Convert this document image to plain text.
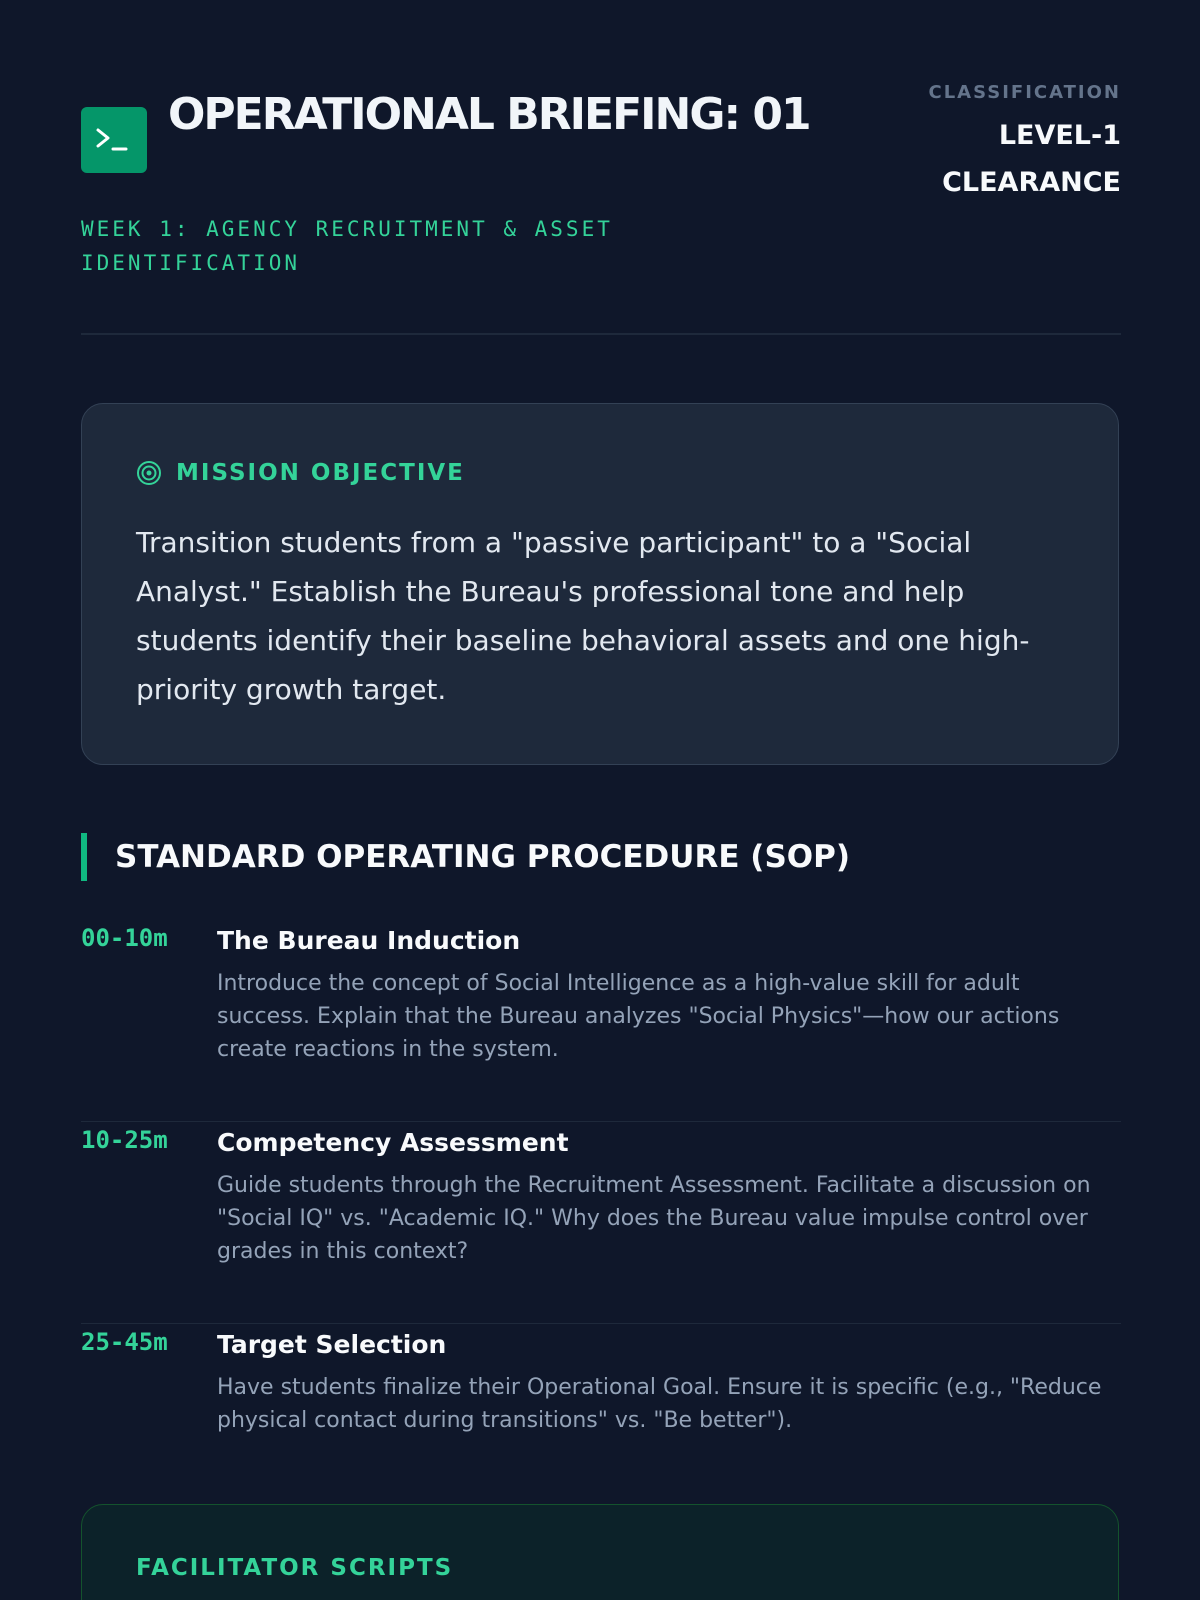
OPERATIONAL BRIEFING: 01
WEEK 1: AGENCY RECRUITMENT & ASSET IDENTIFICATION
CLASSIFICATION
LEVEL-1 CLEARANCE
MISSION OBJECTIVE

Transition students from a "passive participant" to a "Social Analyst." Establish the Bureau's professional tone and help students identify their baseline behavioral assets and one high-priority growth target.

STANDARD OPERATING PROCEDURE (SOP)
00-10m The Bureau Induction
Introduce the concept of Social Intelligence as a high-value skill for adult success. Explain that the Bureau analyzes "Social Physics"—how our actions create reactions in the system.
10-25m Competency Assessment
Guide students through the Recruitment Assessment. Facilitate a discussion on "Social IQ" vs. "Academic IQ." Why does the Bureau value impulse control over grades in this context?
25-45m Target Selection
Have students finalize their Operational Goal. Ensure it is specific (e.g., "Reduce physical contact during transitions" vs. "Be better").
FACILITATOR SCRIPTS
